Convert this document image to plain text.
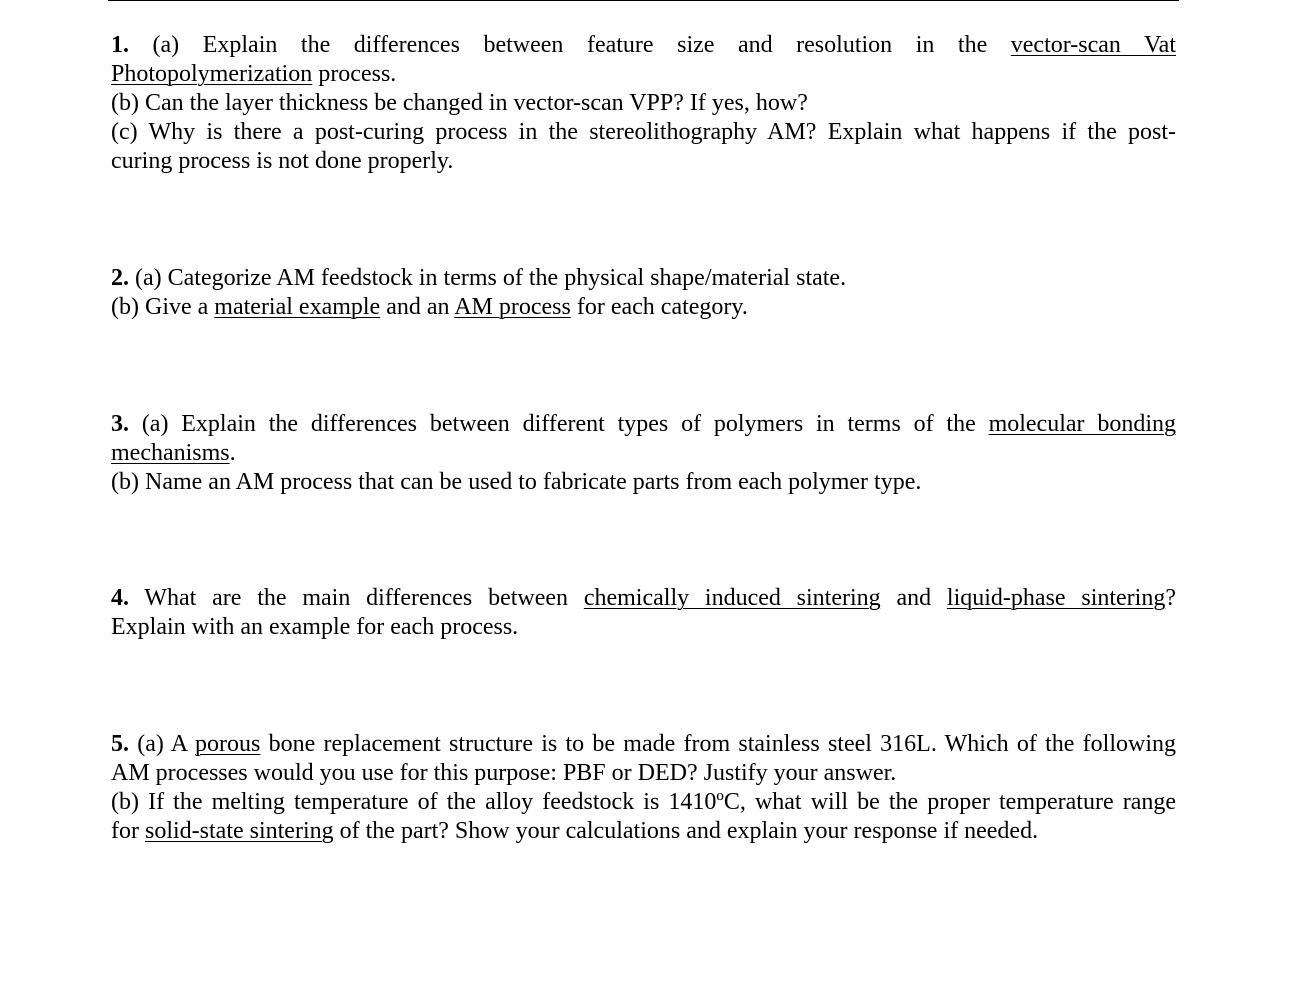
1. (a) Explain the differences between feature size and resolution in the vector-scan Vat
Photopolymerization process.
(b) Can the layer thickness be changed in vector-scan VPP? If yes, how?
(c) Why is there a post-curing process in the stereolithography AM? Explain what happens if the post-
curing process is not done properly.
2. (a) Categorize AM feedstock in terms of the physical shape/material state.
(b) Give a material example and an AM process for each category.
3. (a) Explain the differences between different types of polymers in terms of the molecular bonding
mechanisms.
(b) Name an AM process that can be used to fabricate parts from each polymer type.
4. What are the main differences between chemically induced sintering and liquid-phase sintering?
Explain with an example for each process.
5. (a) A porous bone replacement structure is to be made from stainless steel 316L. Which of the following
AM processes would you use for this purpose: PBF or DED? Justify your answer.
(b) If the melting temperature of the alloy feedstock is 1410ºC, what will be the proper temperature range
for solid-state sintering of the part? Show your calculations and explain your response if needed.
